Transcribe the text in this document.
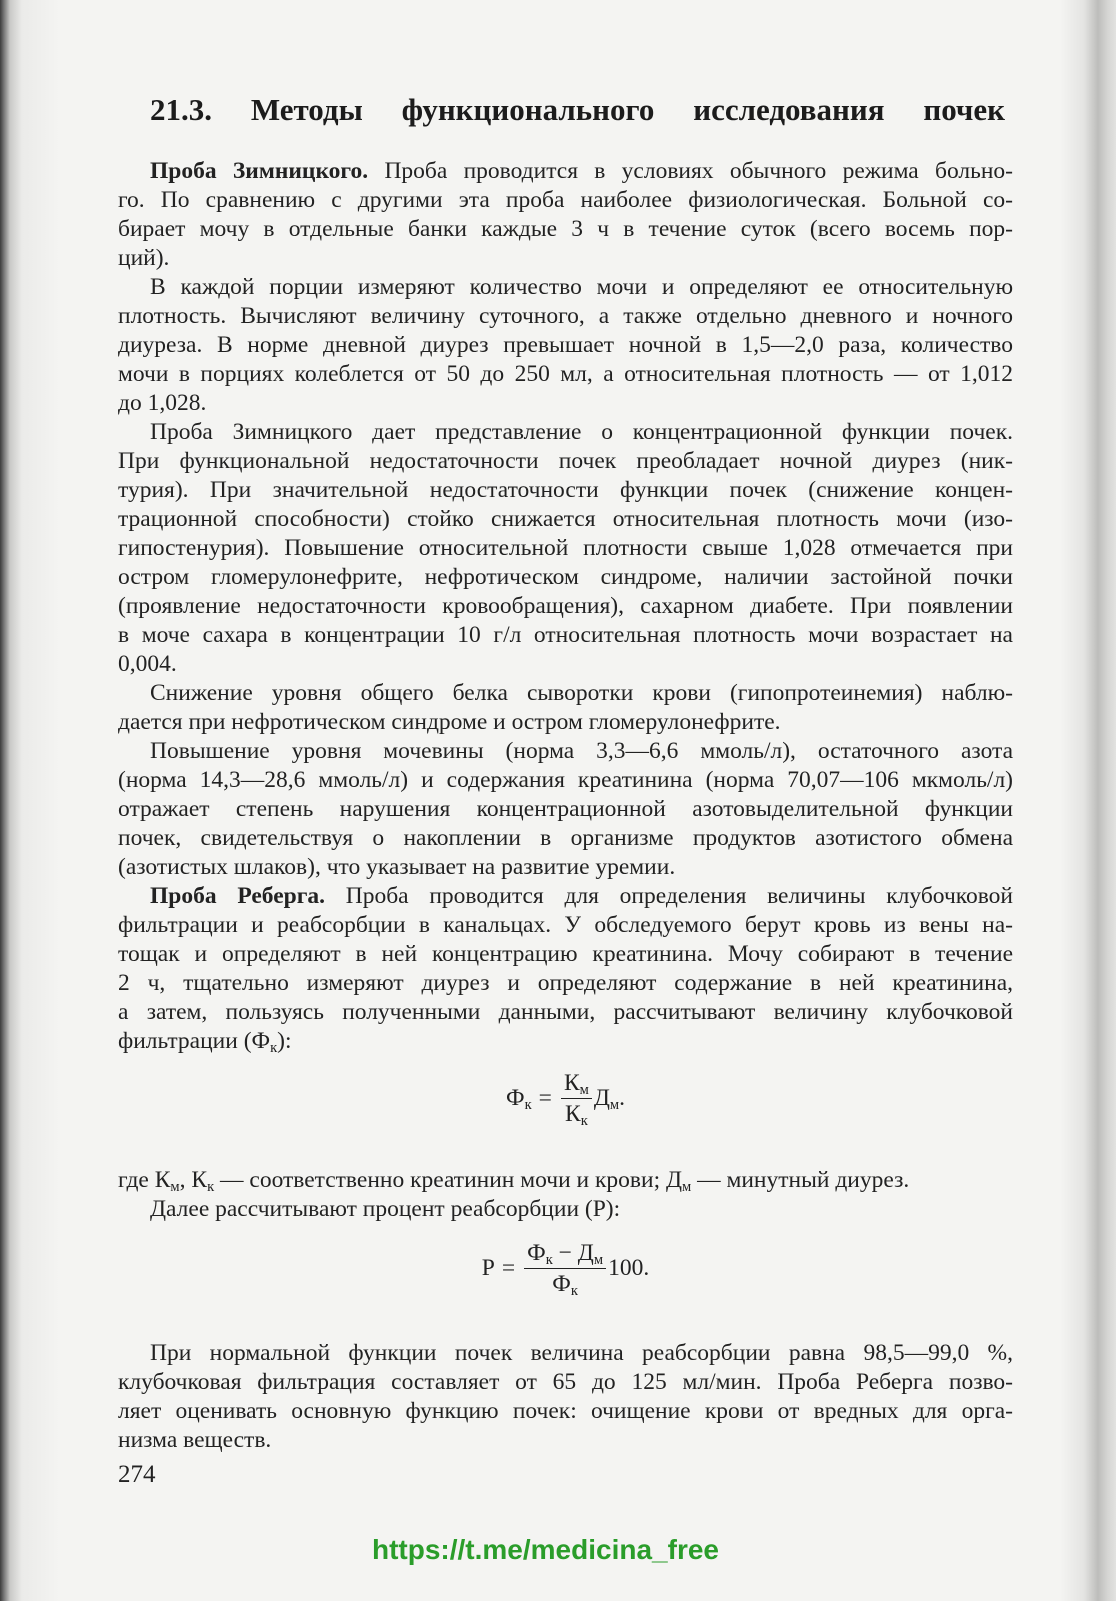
21.3. Методы функционального исследования почек
Проба Зимницкого. Проба проводится в условиях обычного режима больно-
го. По сравнению с другими эта проба наиболее физиологическая. Больной со-
бирает мочу в отдельные банки каждые 3 ч в течение суток (всего восемь пор-
ций).
В каждой порции измеряют количество мочи и определяют ее относительную
плотность. Вычисляют величину суточного, а также отдельно дневного и ночного
диуреза. В норме дневной диурез превышает ночной в 1,5—2,0 раза, количество
мочи в порциях колеблется от 50 до 250 мл, а относительная плотность — от 1,012
до 1,028.
Проба Зимницкого дает представление о концентрационной функции почек.
При функциональной недостаточности почек преобладает ночной диурез (ник-
турия). При значительной недостаточности функции почек (снижение концен-
трационной способности) стойко снижается относительная плотность мочи (изо-
гипостенурия). Повышение относительной плотности свыше 1,028 отмечается при
остром гломерулонефрите, нефротическом синдроме, наличии застойной почки
(проявление недостаточности кровообращения), сахарном диабете. При появлении
в моче сахара в концентрации 10 г/л относительная плотность мочи возрастает на
0,004.
Снижение уровня общего белка сыворотки крови (гипопротеинемия) наблю-
дается при нефротическом синдроме и остром гломерулонефрите.
Повышение уровня мочевины (норма 3,3—6,6 ммоль/л), остаточного азота
(норма 14,3—28,6 ммоль/л) и содержания креатинина (норма 70,07—106 мкмоль/л)
отражает степень нарушения концентрационной азотовыделительной функции
почек, свидетельствуя о накоплении в организме продуктов азотистого обмена
(азотистых шлаков), что указывает на развитие уремии.
Проба Реберга. Проба проводится для определения величины клубочковой
фильтрации и реабсорбции в канальцах. У обследуемого берут кровь из вены на-
тощак и определяют в ней концентрацию креатинина. Мочу собирают в течение
2 ч, тщательно измеряют диурез и определяют содержание в ней креатинина,
а затем, пользуясь полученными данными, рассчитывают величину клубочковой
фильтрации $(Ф_к)$:
$Ф_к = \frac{К_м}{К_к} Д_м$.
где $К_м$, $К_к$ — соответственно креатинин мочи и крови; $Д_м$ — минутный диурез.
Далее рассчитывают процент реабсорбции (Р):
$Р = \frac{Ф_к - Д_м}{Ф_к} 100$.
При нормальной функции почек величина реабсорбции равна 98,5—99,0 %,
клубочковая фильтрация составляет от 65 до 125 мл/мин. Проба Реберга позво-
ляет оценивать основную функцию почек: очищение крови от вредных для орга-
низма веществ.
274
https://t.me/medicina_free
